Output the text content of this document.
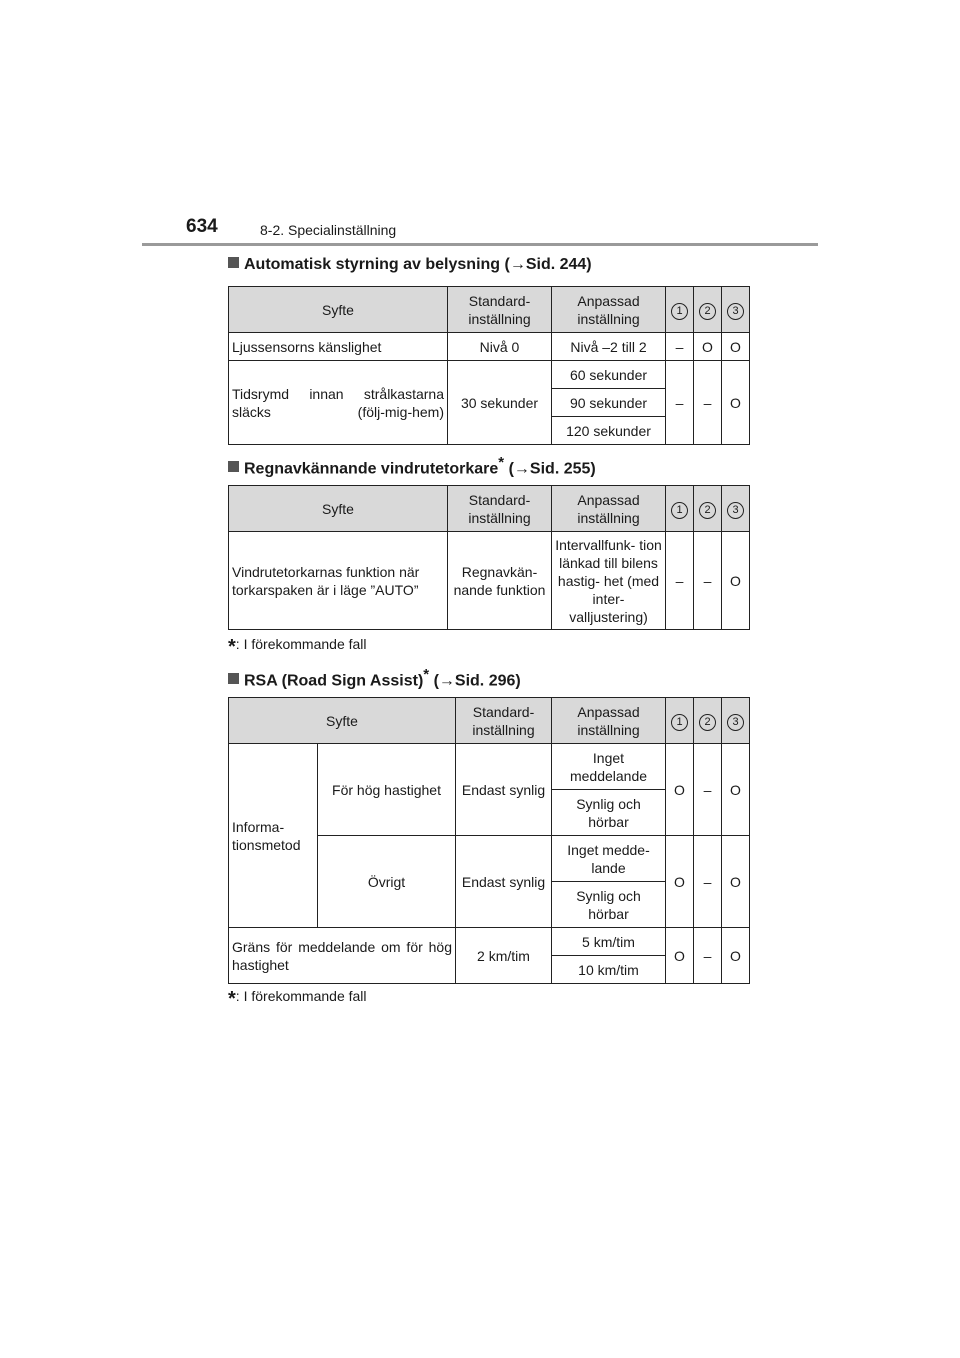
634	8-2. Specialinställning
Automatisk styrning av belysning (→Sid. 244)
Syfte	Standard- inställning	Anpassad inställning	1	2	3
Ljussensorns känslighet	Nivå 0	Nivå –2 till 2	–	O	O
Tidsrymd innan strålkastarna släcks (följ-mig-hem)	30 sekunder	60 sekunder	–	–	O
		90 sekunder			
		120 sekunder			
Regnavkännande vindrutetorkare* (→Sid. 255)
Syfte	Standard- inställning	Anpassad inställning	1	2	3
Vindrutetorkarnas funktion när torkarspaken är i läge ”AUTO”	Regnavkän- nande funktion	Intervallfunk- tion länkad till bilens hastig- het (med inter- valljustering)	–	–	O
*: I förekommande fall
RSA (Road Sign Assist)* (→Sid. 296)
Syfte		Standard- inställning	Anpassad inställning	1	2	3
Informa- tionsmetod	För hög hastighet	Endast synlig	Inget meddelande	O	–	O
			Synlig och hörbar			
	Övrigt	Endast synlig	Inget medde- lande	O	–	O
			Synlig och hörbar			
Gräns för meddelande om för hög hastighet		2 km/tim	5 km/tim	O	–	O
			10 km/tim			
*: I förekommande fall
